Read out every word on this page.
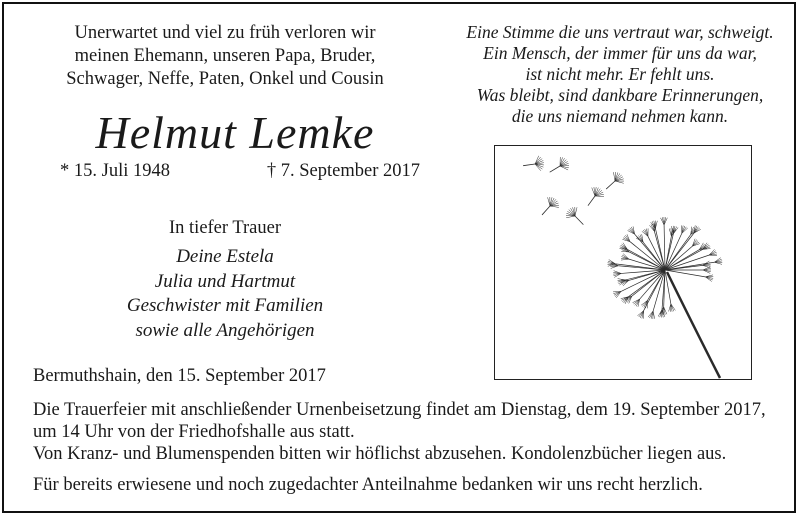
Unerwartet und viel zu früh verloren wir
meinen Ehemann, unseren Papa, Bruder,
Schwager, Neffe, Paten, Onkel und Cousin
Helmut Lemke
* 15. Juli 1948	† 7. September 2017
In tiefer Trauer
Deine Estela
Julia und Hartmut
Geschwister mit Familien
sowie alle Angehörigen
Eine Stimme die uns vertraut war, schweigt.
Ein Mensch, der immer für uns da war,
ist nicht mehr. Er fehlt uns.
Was bleibt, sind dankbare Erinnerungen,
die uns niemand nehmen kann.
Bermuthshain, den 15. September 2017
Die Trauerfeier mit anschließender Urnenbeisetzung findet am Dienstag, dem 19. September 2017,
um 14 Uhr von der Friedhofshalle aus statt.
Von Kranz- und Blumenspenden bitten wir höflichst abzusehen. Kondolenzbücher liegen aus.
Für bereits erwiesene und noch zugedachter Anteilnahme bedanken wir uns recht herzlich.
